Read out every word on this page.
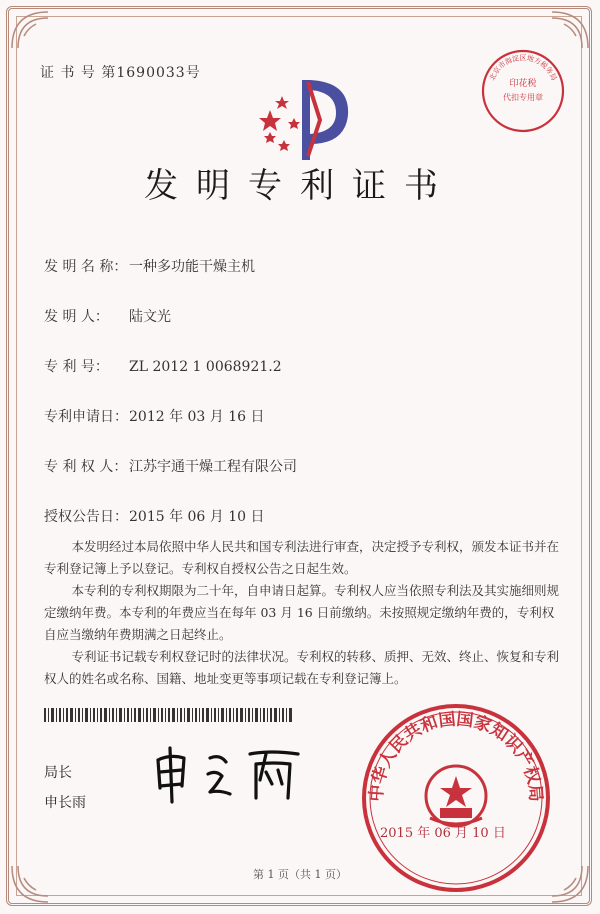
证 书 号 第1690033号
发明专利证书
发 明 名 称： 一种多功能干燥主机
发 明 人： 陆文光
专 利 号： ZL 2012 1 0068921.2
专利申请日：2012 年 03 月 16 日
专 利 权 人： 江苏宇通干燥工程有限公司
授权公告日：2015 年 06 月 10 日

本发明经过本局依照中华人民共和国专利法进行审查，决定授予专利权，颁发本证书并在专利登记簿上予以登记。专利权自授权公告之日起生效。

本专利的专利权期限为二十年，自申请日起算。专利权人应当依照专利法及其实施细则规定缴纳年费。本专利的年费应当在每年 03 月 16 日前缴纳。未按照规定缴纳年费的，专利权自应当缴纳年费期满之日起终止。

专利证书记载专利权登记时的法律状况。专利权的转移、质押、无效、终止、恢复和专利权人的姓名或名称、国籍、地址变更等事项记载在专利登记簿上。

局长
申长雨
印花税
代扣专用章
北京市海淀区地方税务局
中华人民共和国国家知识产权局
2015 年 06 月 10 日
第 1 页（共 1 页）
